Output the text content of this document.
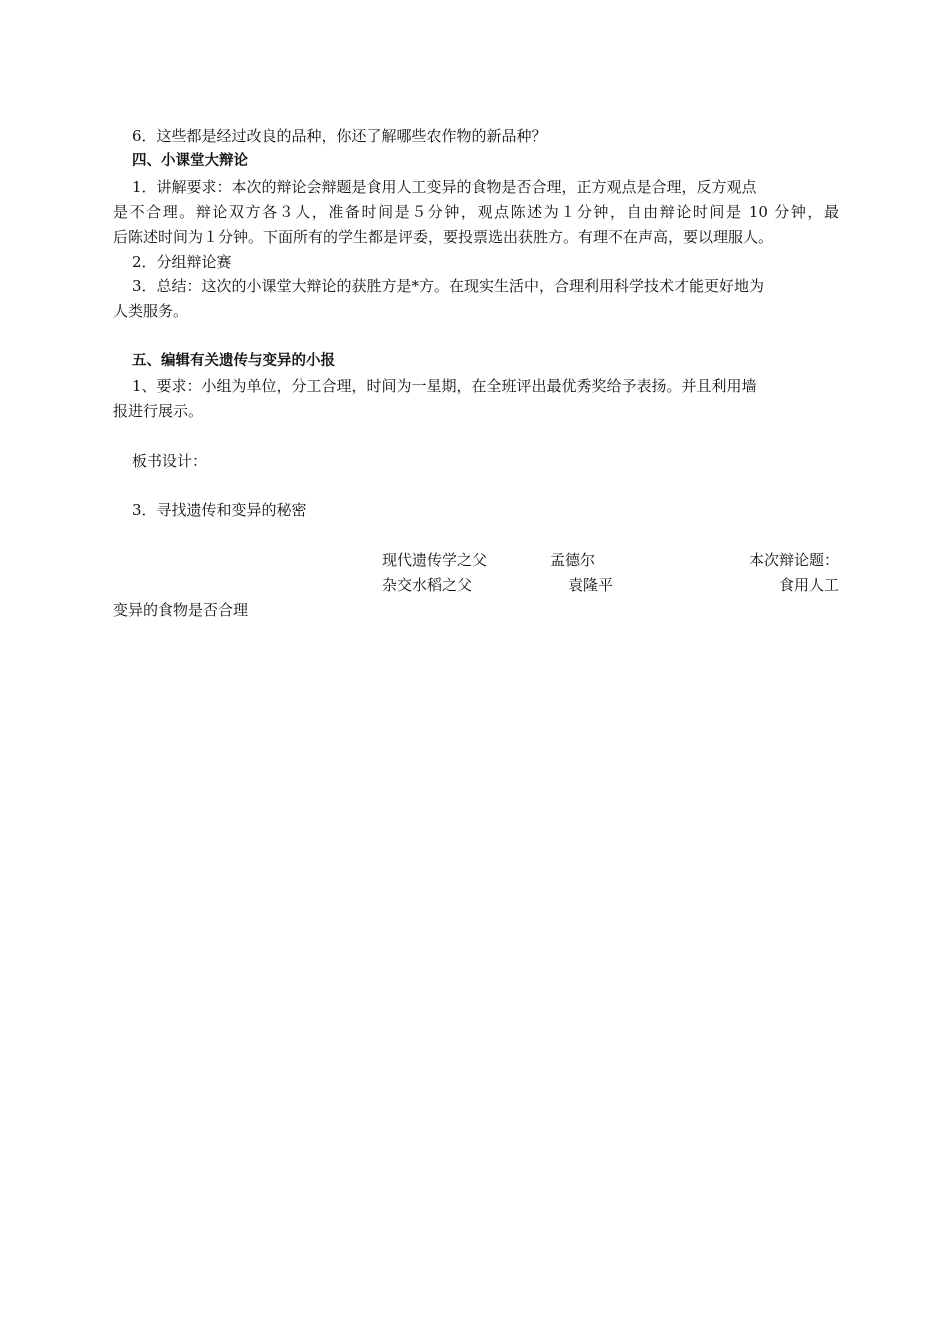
6．这些都是经过改良的品种，你还了解哪些农作物的新品种？
四、小课堂大辩论
1．讲解要求：本次的辩论会辩题是食用人工变异的食物是否合理，正方观点是合理，反方观点
是不合理。辩论双方各３人，准备时间是５分钟，观点陈述为１分钟，自由辩论时间是 10 分钟，最
后陈述时间为１分钟。下面所有的学生都是评委，要投票选出获胜方。有理不在声高，要以理服人。
2．分组辩论赛
3．总结：这次的小课堂大辩论的获胜方是*方。在现实生活中，合理利用科学技术才能更好地为
人类服务。
五、编辑有关遗传与变异的小报
1、要求：小组为单位，分工合理，时间为一星期，在全班评出最优秀奖给予表扬。并且利用墙
报进行展示。
板书设计：
3．寻找遗传和变异的秘密
现代遗传学之父	孟德尔	本次辩论题：
杂交水稻之父	袁隆平	食用人工
变异的食物是否合理
